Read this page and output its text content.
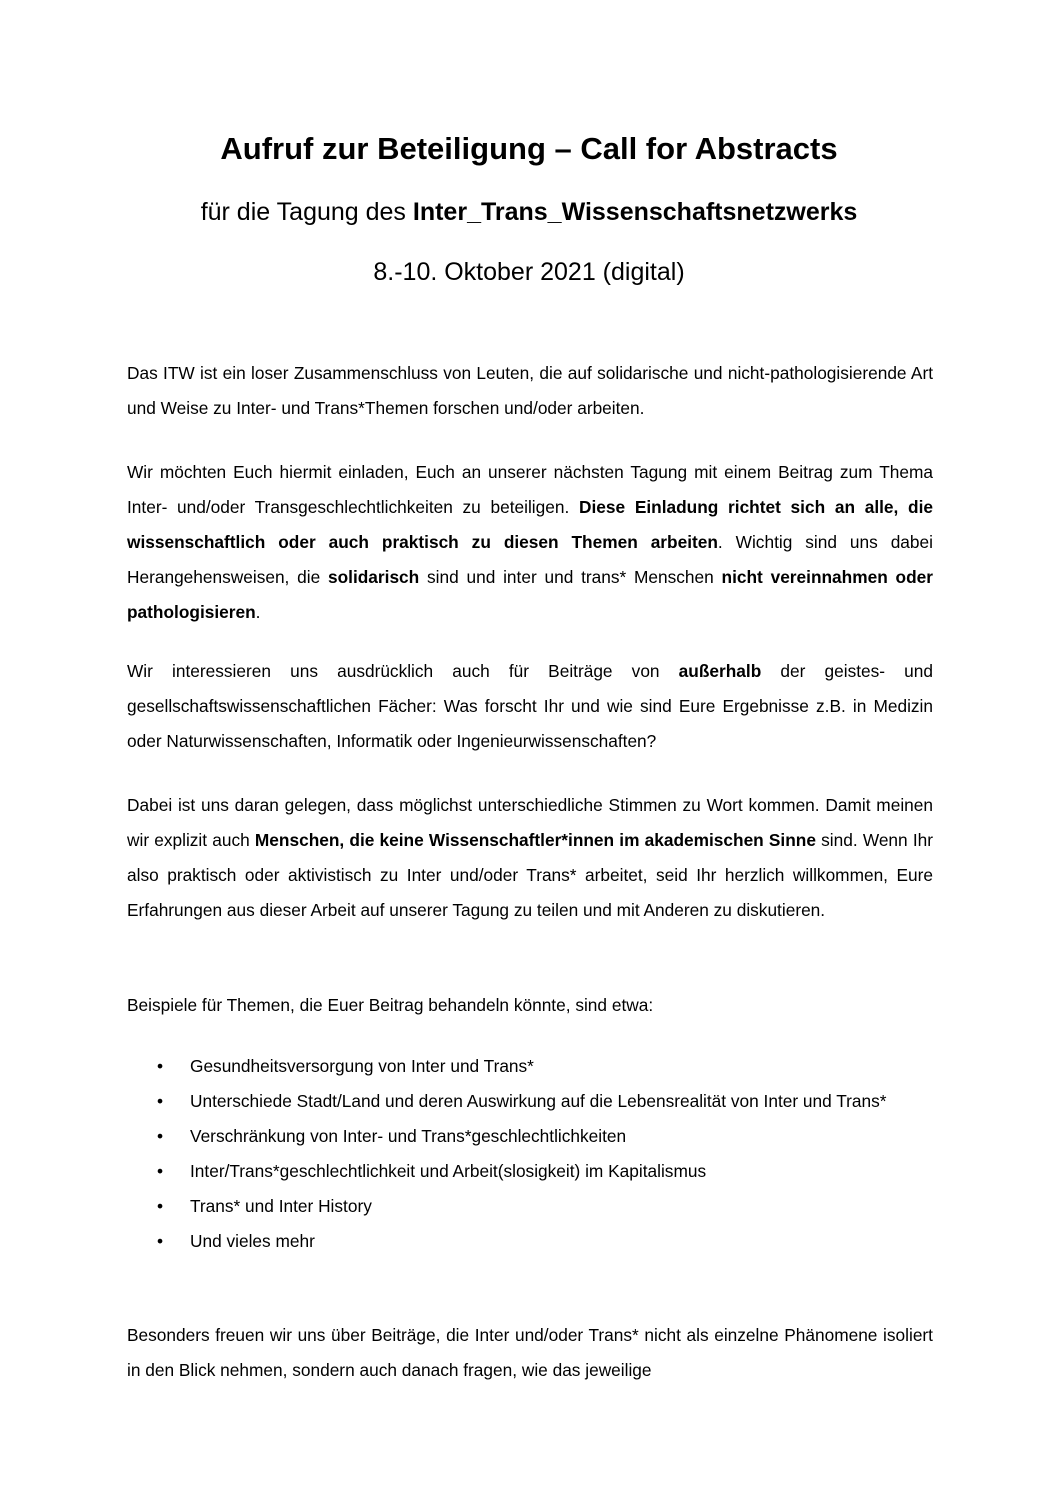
Aufruf zur Beteiligung – Call for Abstracts

für die Tagung des Inter_Trans_Wissenschaftsnetzwerks

8.-10. Oktober 2021 (digital)

Das ITW ist ein loser Zusammenschluss von Leuten, die auf solidarische und nicht-pathologisierende Art und Weise zu Inter- und Trans*Themen forschen und/oder arbeiten.

Wir möchten Euch hiermit einladen, Euch an unserer nächsten Tagung mit einem Beitrag zum Thema Inter- und/oder Transgeschlechtlichkeiten zu beteiligen. Diese Einladung richtet sich an alle, die wissenschaftlich oder auch praktisch zu diesen Themen arbeiten. Wichtig sind uns dabei Herangehensweisen, die solidarisch sind und inter und trans* Menschen nicht vereinnahmen oder pathologisieren.

Wir interessieren uns ausdrücklich auch für Beiträge von außerhalb der geistes- und gesellschaftswissenschaftlichen Fächer: Was forscht Ihr und wie sind Eure Ergebnisse z.B. in Medizin oder Naturwissenschaften, Informatik oder Ingenieurwissenschaften?

Dabei ist uns daran gelegen, dass möglichst unterschiedliche Stimmen zu Wort kommen. Damit meinen wir explizit auch Menschen, die keine Wissenschaftler*innen im akademischen Sinne sind. Wenn Ihr also praktisch oder aktivistisch zu Inter und/oder Trans* arbeitet, seid Ihr herzlich willkommen, Eure Erfahrungen aus dieser Arbeit auf unserer Tagung zu teilen und mit Anderen zu diskutieren.

Beispiele für Themen, die Euer Beitrag behandeln könnte, sind etwa:

• Gesundheitsversorgung von Inter und Trans*
• Unterschiede Stadt/Land und deren Auswirkung auf die Lebensrealität von Inter und Trans*
• Verschränkung von Inter- und Trans*geschlechtlichkeiten
• Inter/Trans*geschlechtlichkeit und Arbeit(slosigkeit) im Kapitalismus
• Trans* und Inter History
• Und vieles mehr

Besonders freuen wir uns über Beiträge, die Inter und/oder Trans* nicht als einzelne Phänomene isoliert in den Blick nehmen, sondern auch danach fragen, wie das jeweilige
